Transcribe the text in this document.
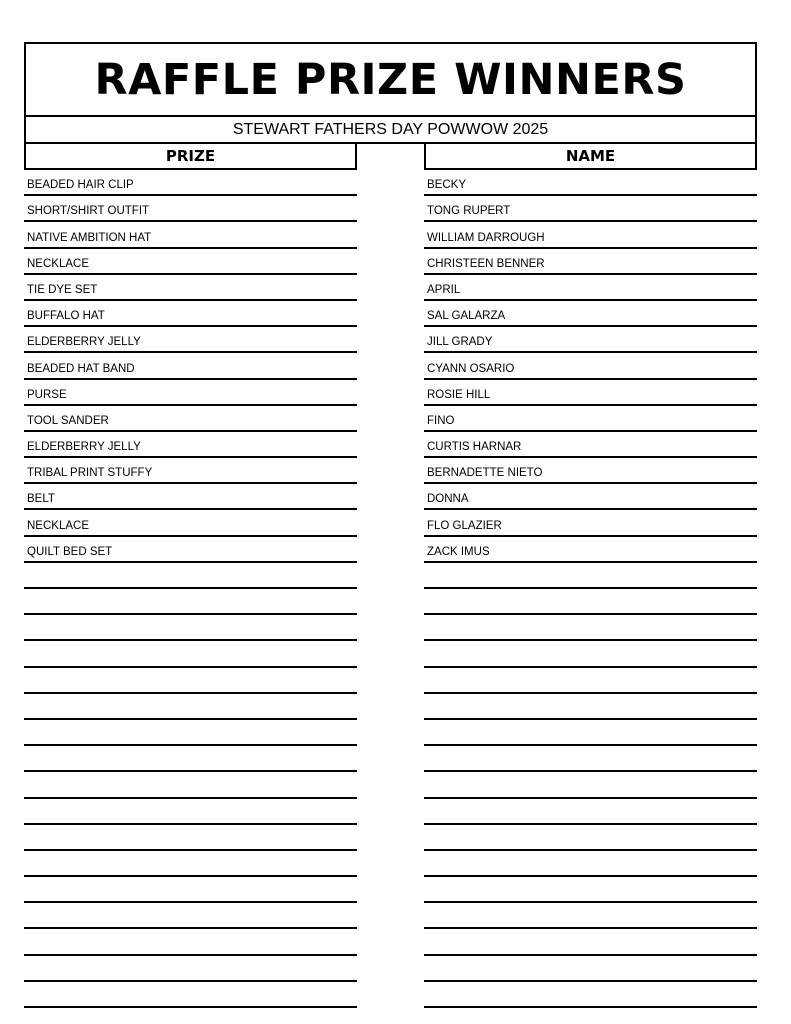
RAFFLE PRIZE WINNERS
STEWART FATHERS DAY POWWOW 2025
PRIZE	NAME
BEADED HAIR CLIP
SHORT/SHIRT OUTFIT
NATIVE AMBITION HAT
NECKLACE
TIE DYE SET
BUFFALO HAT
ELDERBERRY JELLY
BEADED HAT BAND
PURSE
TOOL SANDER
ELDERBERRY JELLY
TRIBAL PRINT STUFFY
BELT
NECKLACE
QUILT BED SET
BECKY
TONG RUPERT
WILLIAM DARROUGH
CHRISTEEN BENNER
APRIL
SAL GALARZA
JILL GRADY
CYANN OSARIO
ROSIE HILL
FINO
CURTIS HARNAR
BERNADETTE NIETO
DONNA
FLO GLAZIER
ZACK IMUS
